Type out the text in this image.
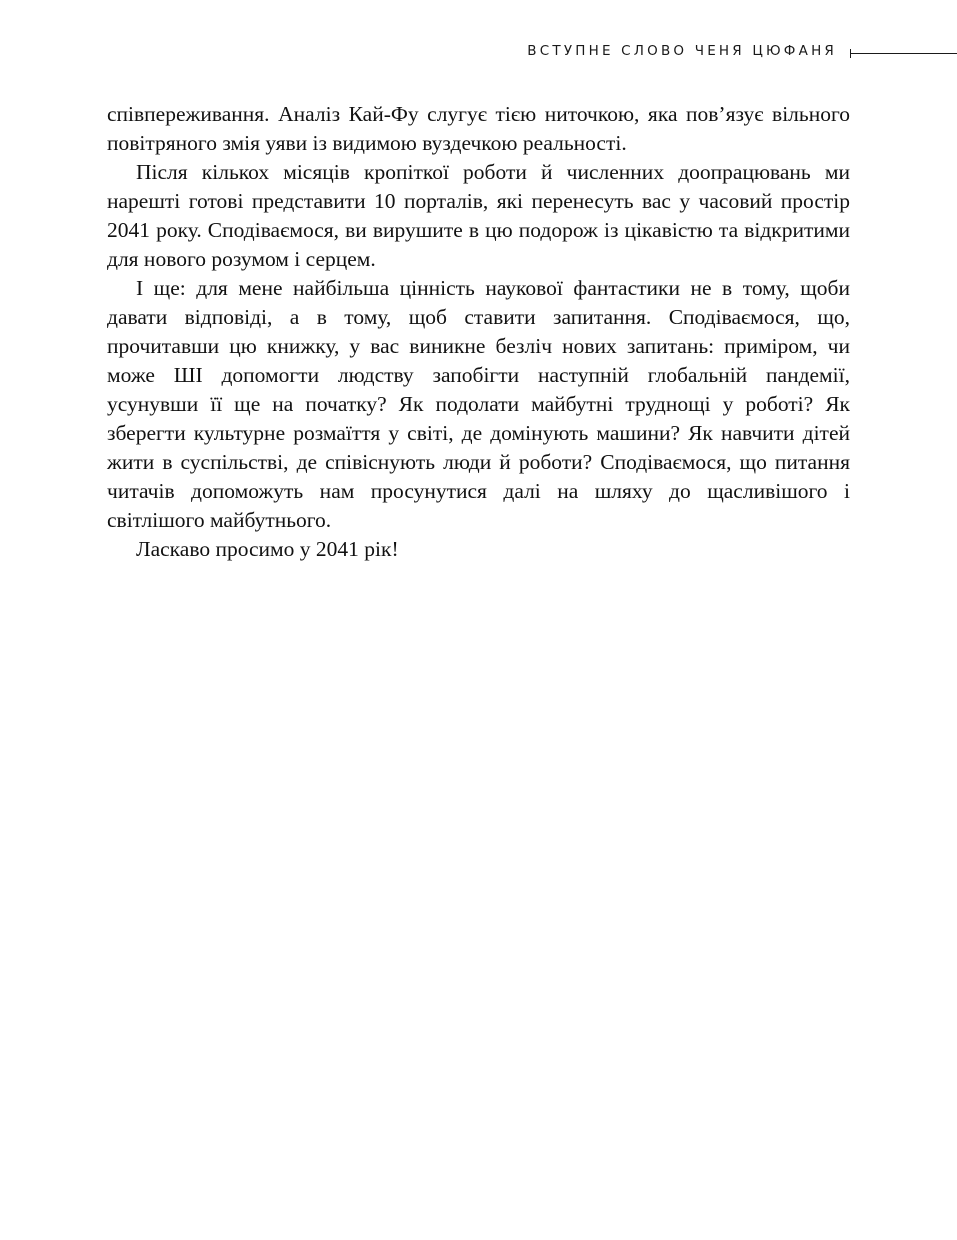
ВСТУПНЕ СЛОВО ЧЕНЯ ЦЮФАНЯ

співпереживання. Аналіз Кай-Фу слугує тією ниточкою, яка пов’язує вільного повітряного змія уяви із видимою вуздечкою реальності.

Після кількох місяців кропіткої роботи й численних доопрацювань ми нарешті готові представити 10 порталів, які перенесуть вас у часовий простір 2041 року. Сподіваємося, ви вирушите в цю подорож із цікавістю та відкритими для нового розумом і серцем.

І ще: для мене найбільша цінність наукової фантастики не в тому, щоби давати відповіді, а в тому, щоб ставити запитання. Сподіваємося, що, прочитавши цю книжку, у вас виникне безліч нових запитань: приміром, чи може ШІ допомогти людству запобігти наступній глобальній пандемії, усунувши її ще на початку? Як подолати майбутні труднощі у роботі? Як зберегти культурне розмаїття у світі, де домінують машини? Як навчити дітей жити в суспільстві, де співіснують люди й роботи? Сподіваємося, що питання читачів допоможуть нам просунутися далі на шляху до щасливішого і світлішого майбутнього.

Ласкаво просимо у 2041 рік!
